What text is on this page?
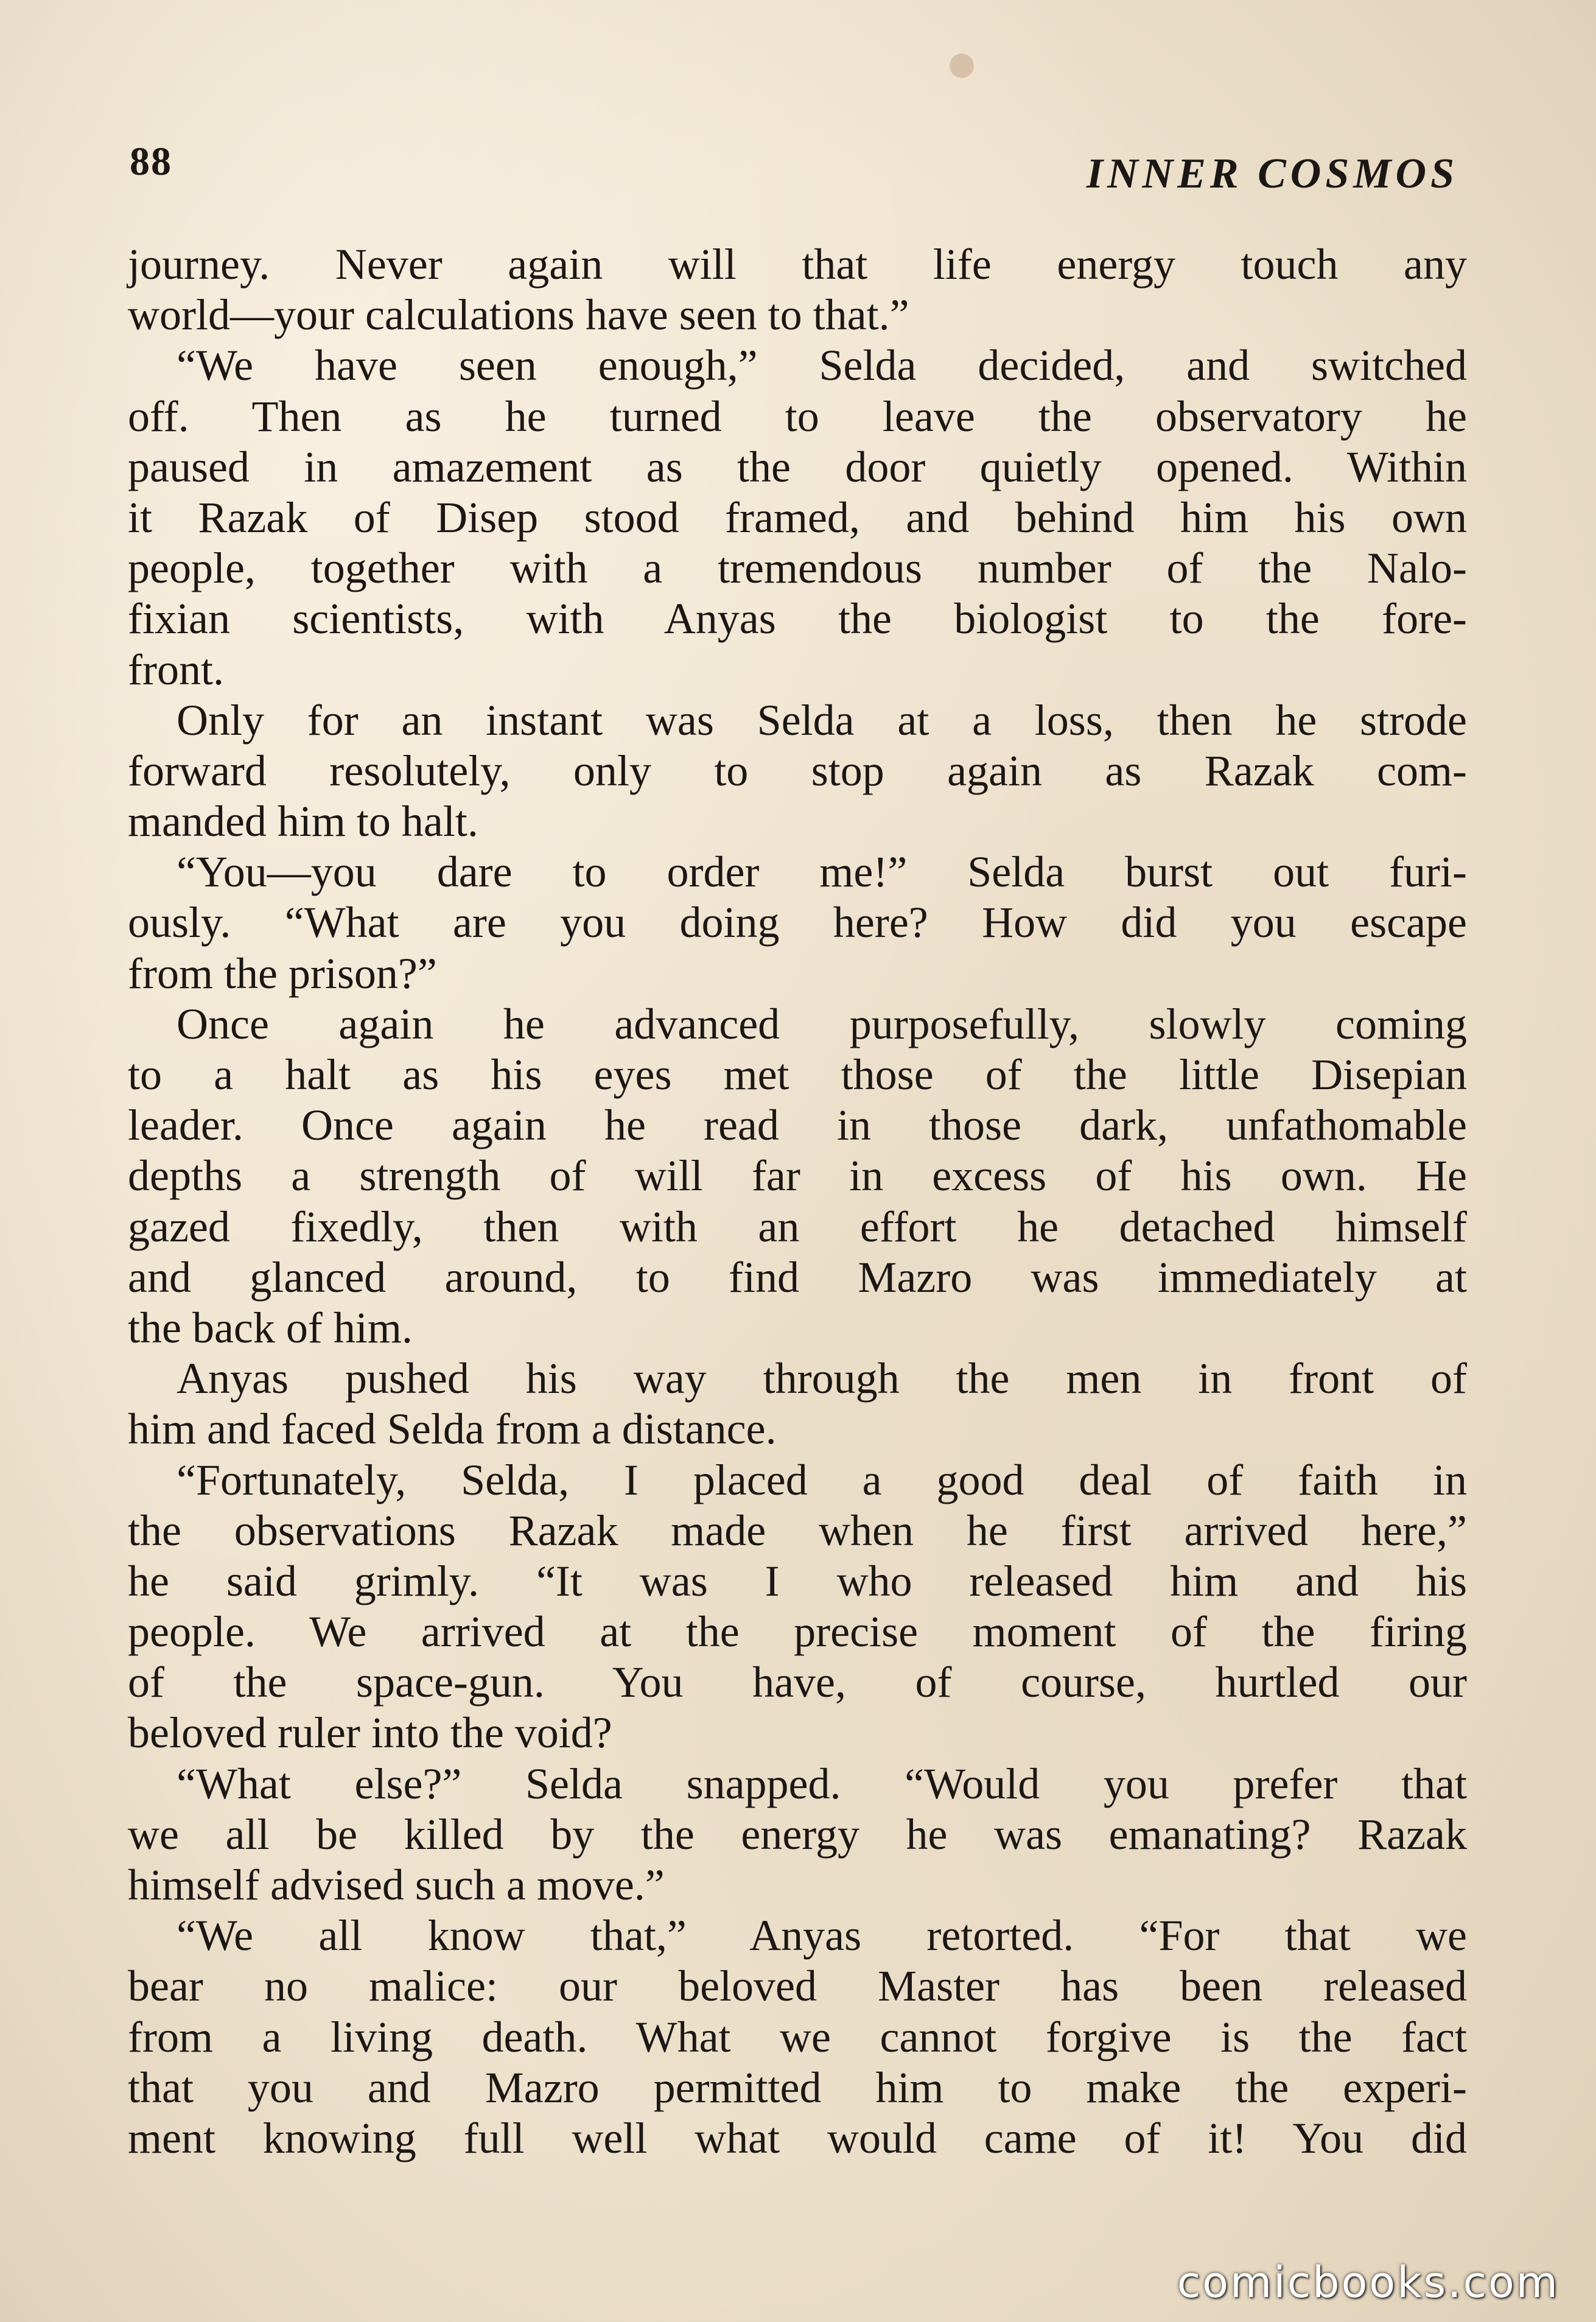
88	INNER COSMOS
journey. Never again will that life energy touch any
world—your calculations have seen to that.”
“We have seen enough,” Selda decided, and switched
off. Then as he turned to leave the observatory he
paused in amazement as the door quietly opened. Within
it Razak of Disep stood framed, and behind him his own
people, together with a tremendous number of the Nalo-
fixian scientists, with Anyas the biologist to the fore-
front.
Only for an instant was Selda at a loss, then he strode
forward resolutely, only to stop again as Razak com-
manded him to halt.
“You—you dare to order me!” Selda burst out furi-
ously. “What are you doing here? How did you escape
from the prison?”
Once again he advanced purposefully, slowly coming
to a halt as his eyes met those of the little Disepian
leader. Once again he read in those dark, unfathomable
depths a strength of will far in excess of his own. He
gazed fixedly, then with an effort he detached himself
and glanced around, to find Mazro was immediately at
the back of him.
Anyas pushed his way through the men in front of
him and faced Selda from a distance.
“Fortunately, Selda, I placed a good deal of faith in
the observations Razak made when he first arrived here,”
he said grimly. “It was I who released him and his
people. We arrived at the precise moment of the firing
of the space-gun. You have, of course, hurtled our
beloved ruler into the void?
“What else?” Selda snapped. “Would you prefer that
we all be killed by the energy he was emanating? Razak
himself advised such a move.”
“We all know that,” Anyas retorted. “For that we
bear no malice: our beloved Master has been released
from a living death. What we cannot forgive is the fact
that you and Mazro permitted him to make the experi-
ment knowing full well what would came of it! You did
comicbooks.com
